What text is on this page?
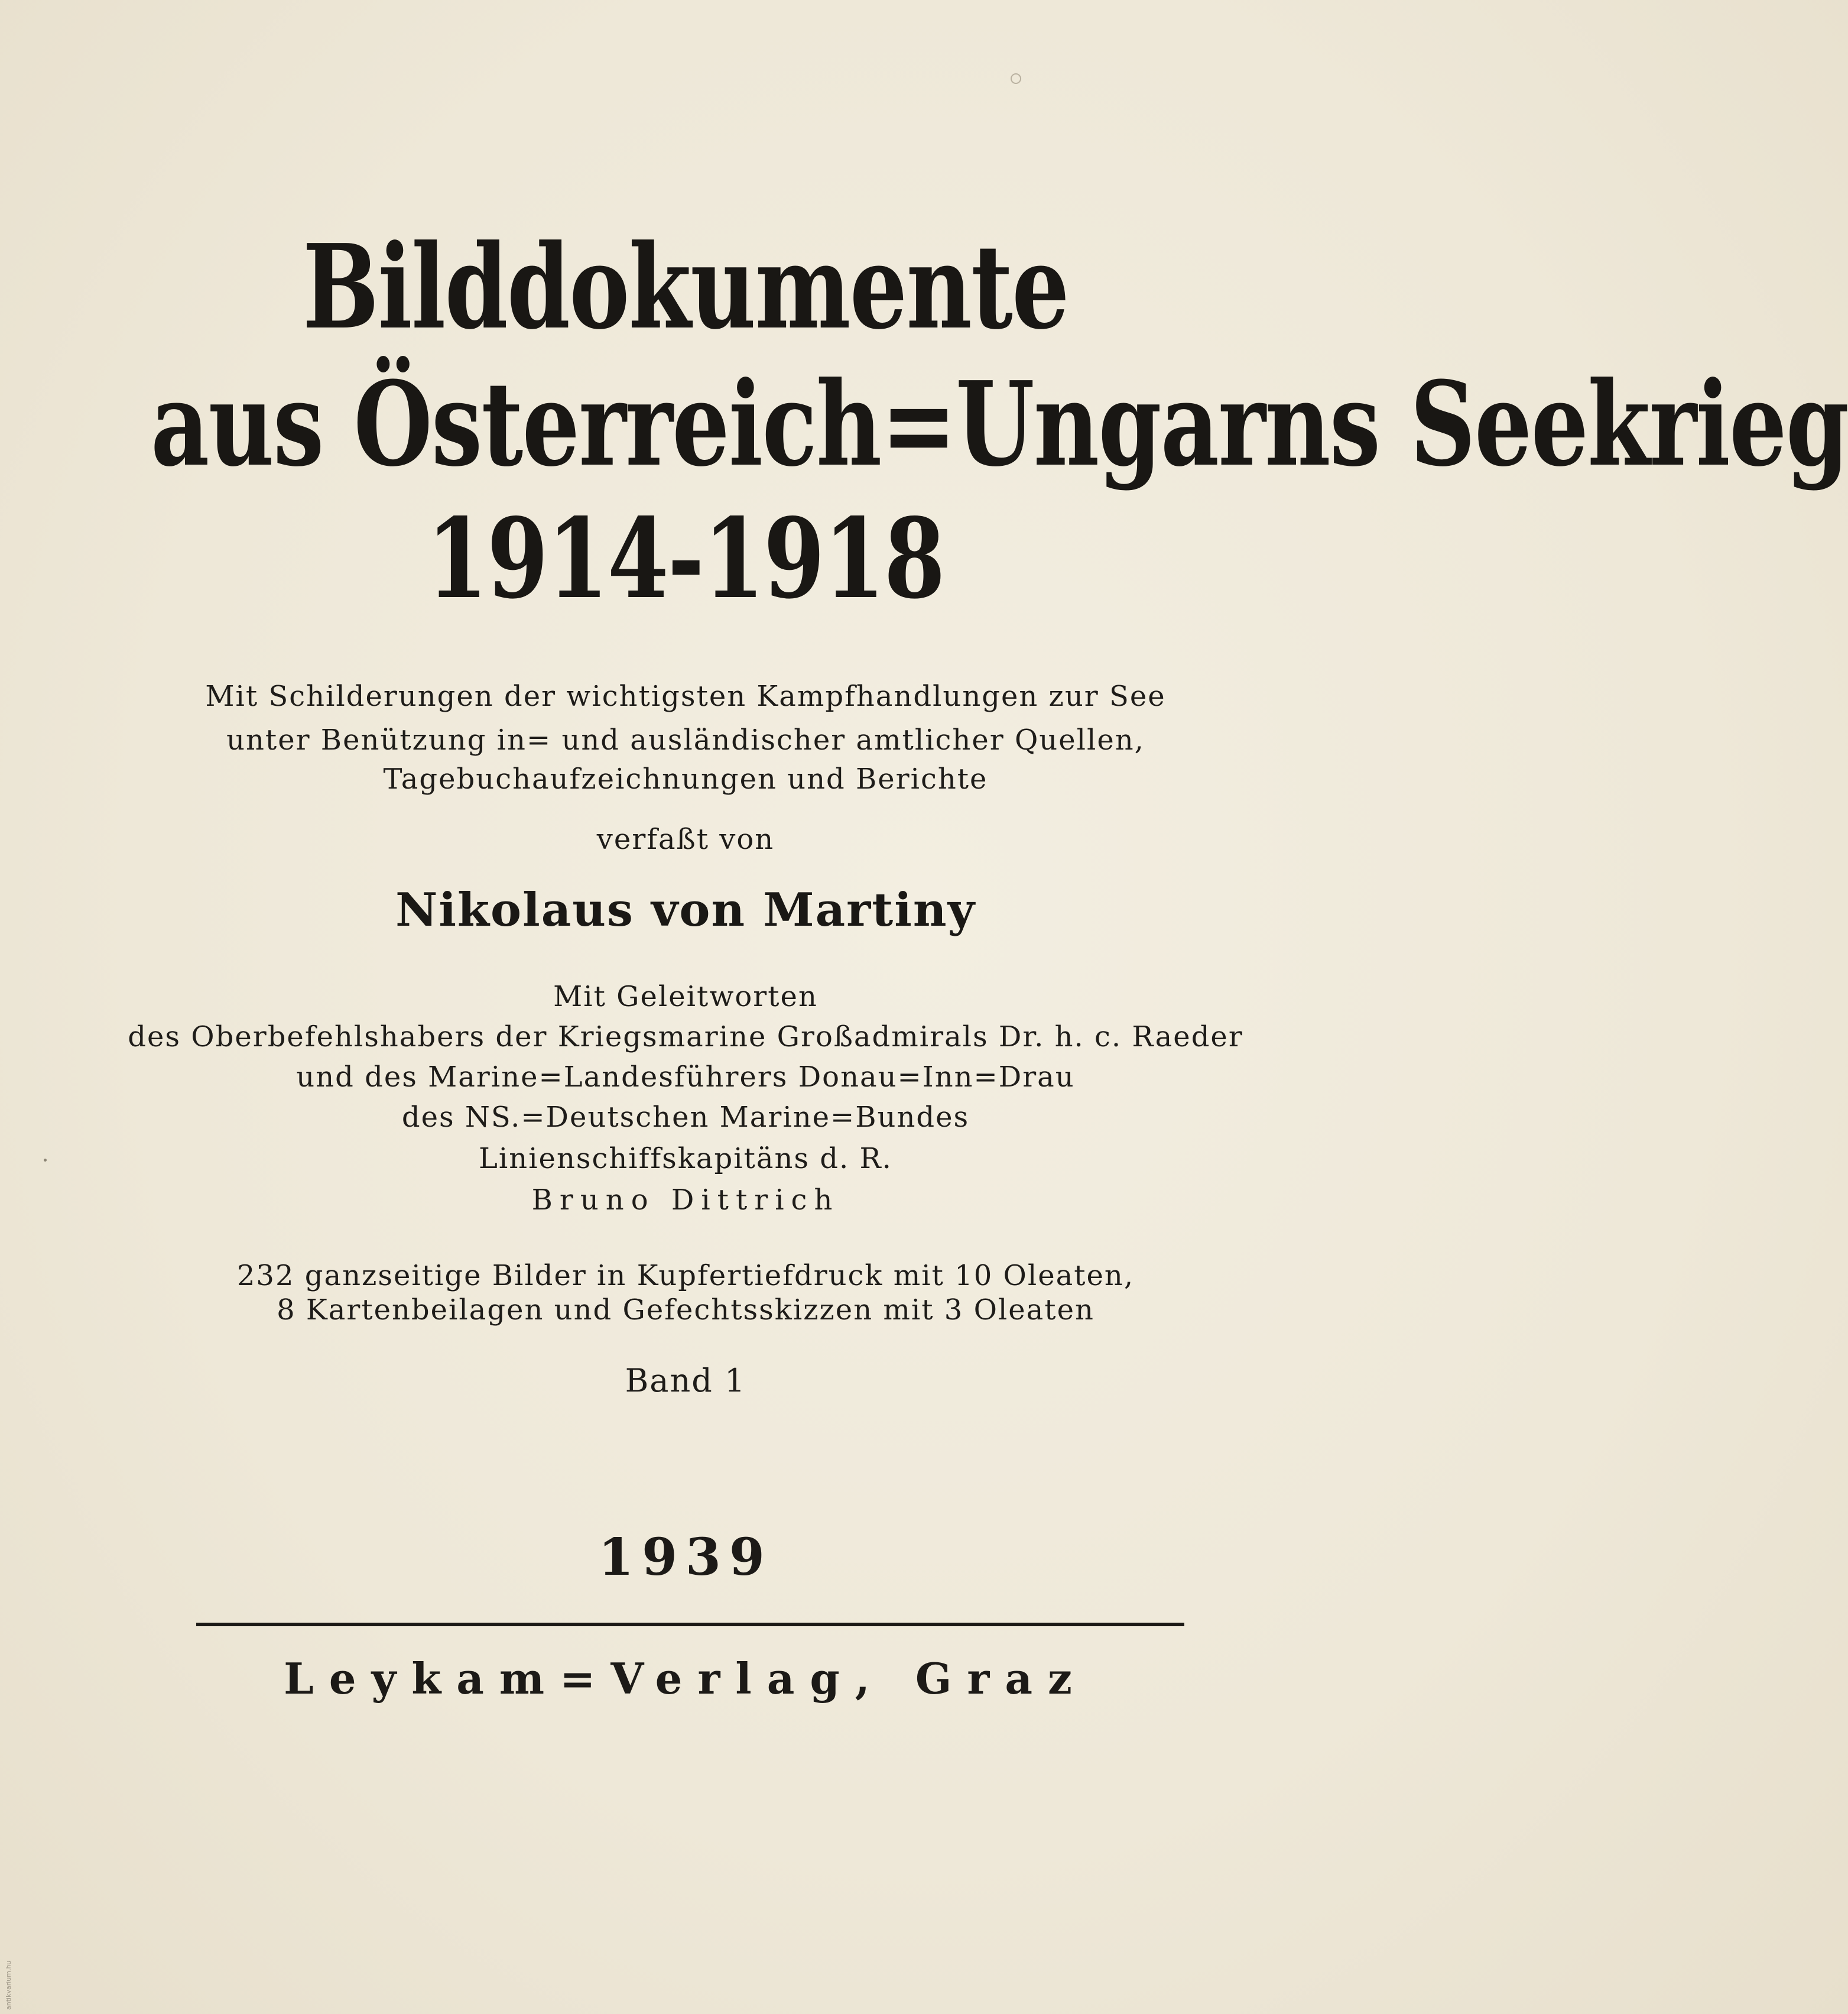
Bilddokumente
aus Österreich=Ungarns Seekrieg
1914-1918
Mit Schilderungen der wichtigsten Kampfhandlungen zur See
unter Benützung in= und ausländischer amtlicher Quellen,
Tagebuchaufzeichnungen und Berichte
verfaßt von
Nikolaus von Martiny
Mit Geleitworten
des Oberbefehlshabers der Kriegsmarine Großadmirals Dr. h. c. Raeder
und des Marine=Landesführers Donau=Inn=Drau
des NS.=Deutschen Marine=Bundes
Linienschiffskapitäns d. R.
Bruno Dittrich
232 ganzseitige Bilder in Kupfertiefdruck mit 10 Oleaten,
8 Kartenbeilagen und Gefechtsskizzen mit 3 Oleaten
Band 1
1939
Leykam=Verlag, Graz
antikvarium.hu
